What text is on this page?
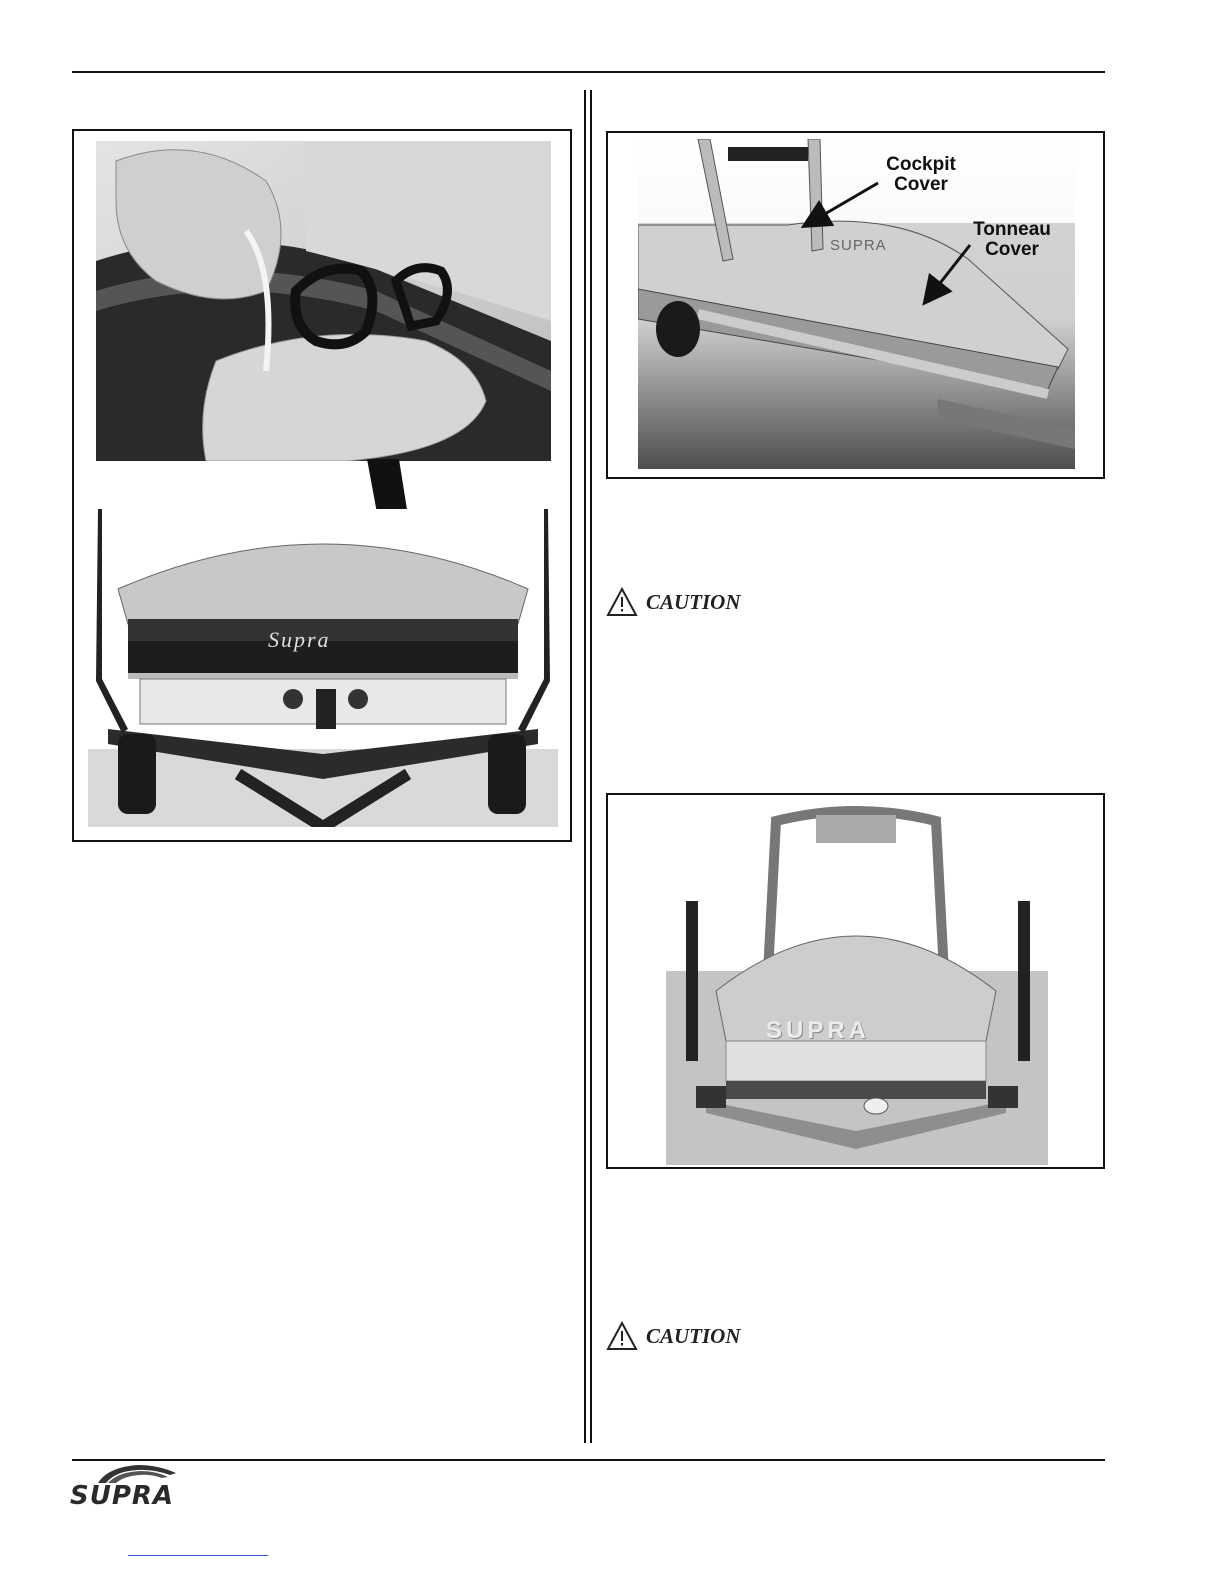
Supra
SUPRA
Cockpit
Cover
Tonneau
Cover
CAUTION
SUPRA
CAUTION
SUPRA
